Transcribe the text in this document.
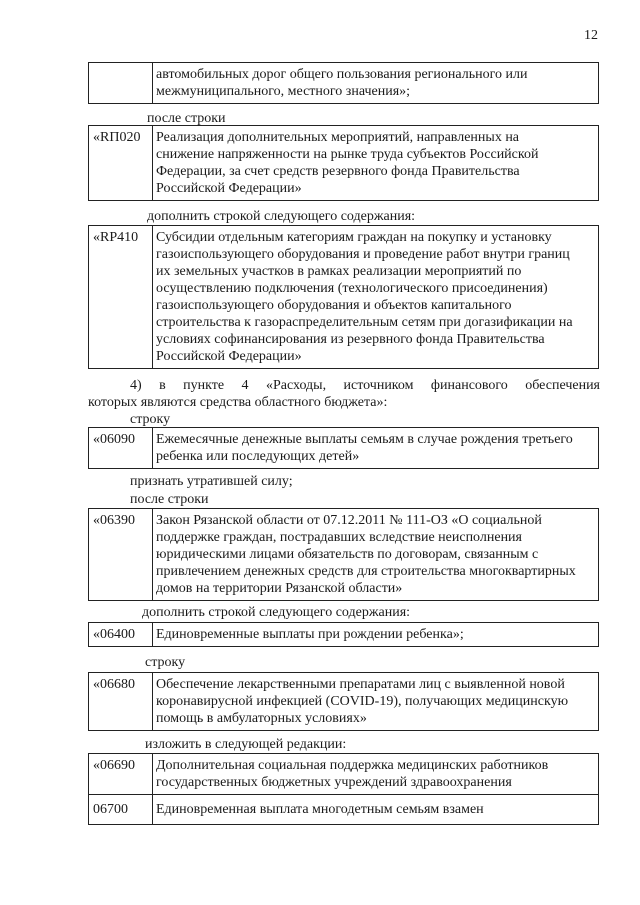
12

автомобильных дорог общего пользования регионального или
межмуниципального, местного значения»;
после строки
«RП020	Реализация дополнительных мероприятий, направленных на
снижение напряженности на рынке труда субъектов Российской
Федерации, за счет средств резервного фонда Правительства
Российской Федерации»
дополнить строкой следующего содержания:
«RP410	Субсидии отдельным категориям граждан на покупку и установку
газоиспользующего оборудования и проведение работ внутри границ
их земельных участков в рамках реализации мероприятий по
осуществлению подключения (технологического присоединения)
газоиспользующего оборудования и объектов капитального
строительства к газораспределительным сетям при догазификации на
условиях софинансирования из резервного фонда Правительства
Российской Федерации»
4) в пункте 4 «Расходы, источником финансового обеспечения
которых являются средства областного бюджета»:
строку
«06090	Ежемесячные денежные выплаты семьям в случае рождения третьего
ребенка или последующих детей»
признать утратившей силу;
после строки
«06390	Закон Рязанской области от 07.12.2011 № 111-ОЗ «О социальной
поддержке граждан, пострадавших вследствие неисполнения
юридическими лицами обязательств по договорам, связанным с
привлечением денежных средств для строительства многоквартирных
домов на территории Рязанской области»
дополнить строкой следующего содержания:
«06400	Единовременные выплаты при рождении ребенка»;
строку
«06680	Обеспечение лекарственными препаратами лиц с выявленной новой
коронавирусной инфекцией (COVID-19), получающих медицинскую
помощь в амбулаторных условиях»
изложить в следующей редакции:
«06690	Дополнительная социальная поддержка медицинских работников
государственных бюджетных учреждений здравоохранения

06700	Единовременная выплата многодетным семьям взамен
